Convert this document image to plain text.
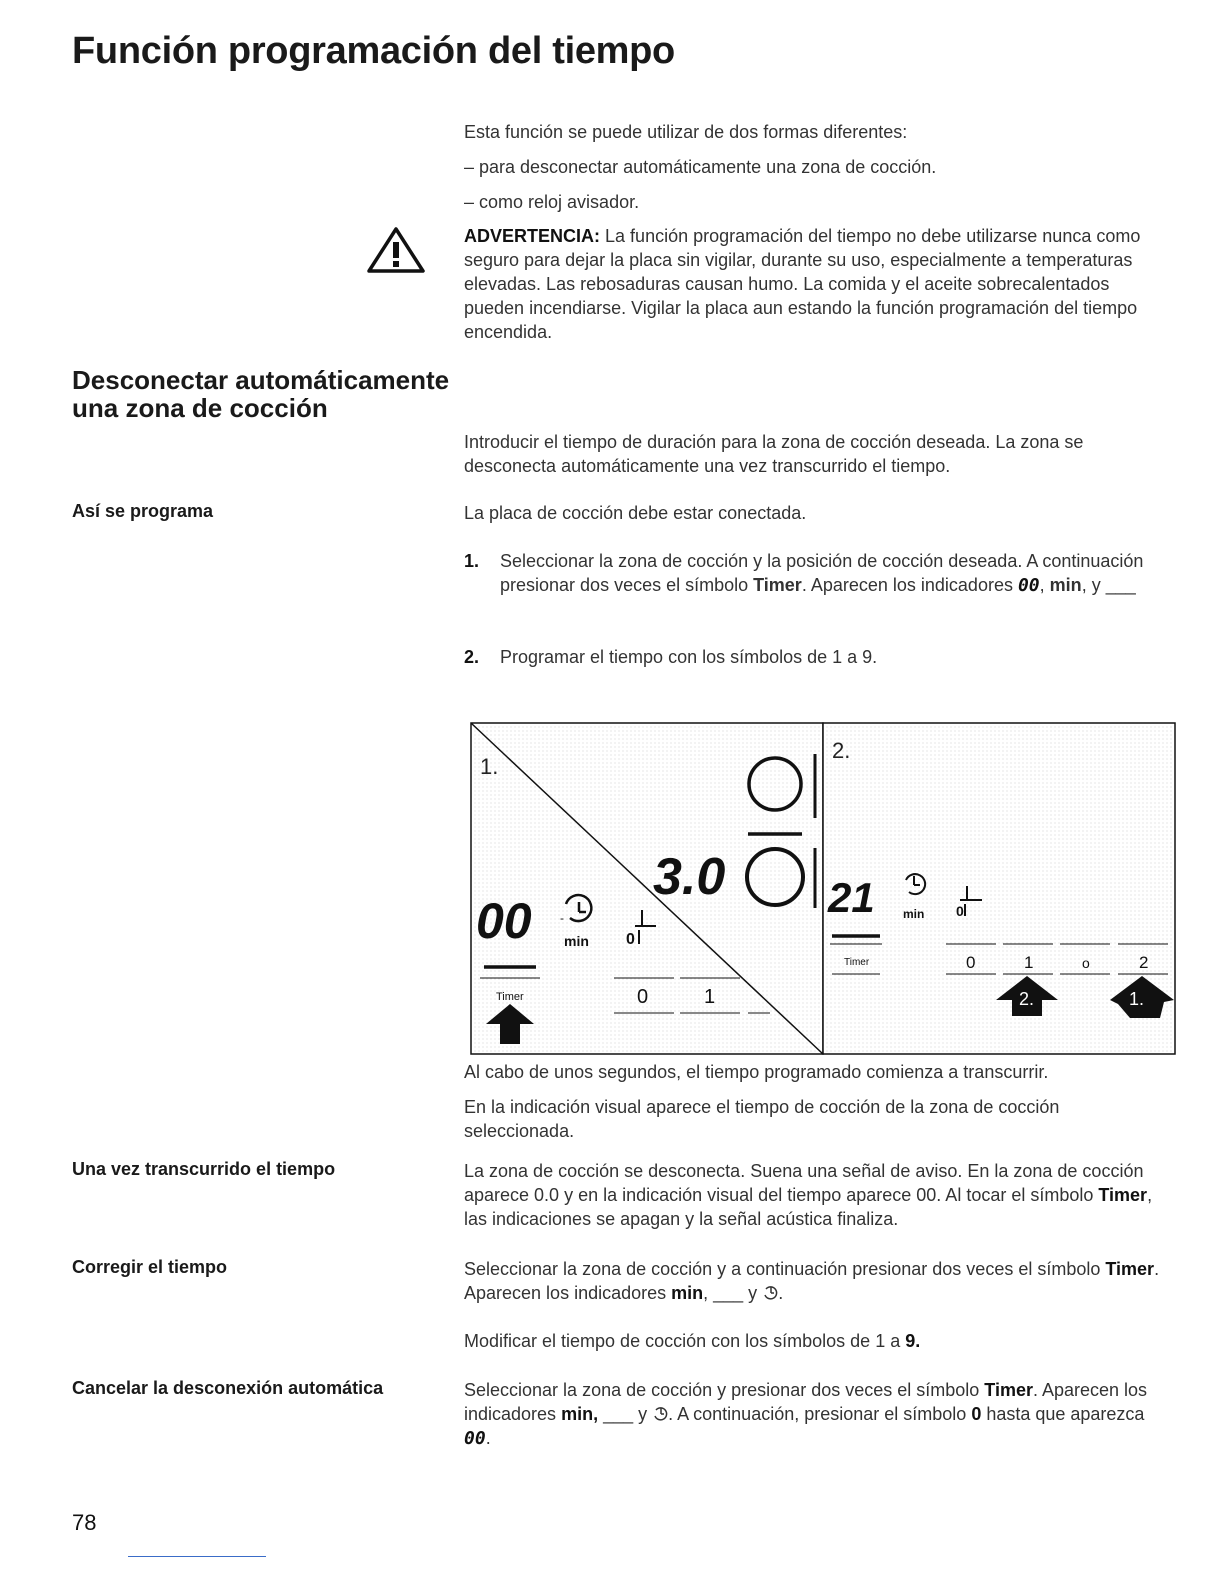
Función programación del tiempo

Esta función se puede utilizar de dos formas diferentes:

– para desconectar automáticamente una zona de cocción.

– como reloj avisador.

ADVERTENCIA: La función programación del tiempo no debe utilizarse nunca como seguro para dejar la placa sin vigilar, durante su uso, especialmente a temperaturas elevadas. Las rebosaduras causan humo. La comida y el aceite sobrecalentados pueden incendiarse. Vigilar la placa aun estando la función programación del tiempo encendida.

Desconectar automáticamente una zona de cocción

Introducir el tiempo de duración para la zona de cocción deseada. La zona se desconecta automáticamente una vez transcurrido el tiempo.

Así se programa	La placa de cocción debe estar conectada.

1. Seleccionar la zona de cocción y la posición de cocción deseada. A continuación presionar dos veces el símbolo Timer. Aparecen los indicadores 00, min, y ___
2. Programar el tiempo con los símbolos de 1 a 9.
1.
3.0
00 -
min 0
Timer	0	1
2.
21 min 0
Timer	0	1	o	2
2.	1.

Al cabo de unos segundos, el tiempo programado comienza a transcurrir.

En la indicación visual aparece el tiempo de cocción de la zona de cocción seleccionada.

Una vez transcurrido el tiempo	La zona de cocción se desconecta. Suena una señal de aviso. En la zona de cocción aparece 0.0 y en la indicación visual del tiempo aparece 00. Al tocar el símbolo Timer, las indicaciones se apagan y la señal acústica finaliza.

Corregir el tiempo	Seleccionar la zona de cocción y a continuación presionar dos veces el símbolo Timer. Aparecen los indicadores min, ___ y .

Modificar el tiempo de cocción con los símbolos de 1 a 9.

Cancelar la desconexión automática	Seleccionar la zona de cocción y presionar dos veces el símbolo Timer. Aparecen los indicadores min, ___ y . A continuación, presionar el símbolo 0 hasta que aparezca 00.

78
